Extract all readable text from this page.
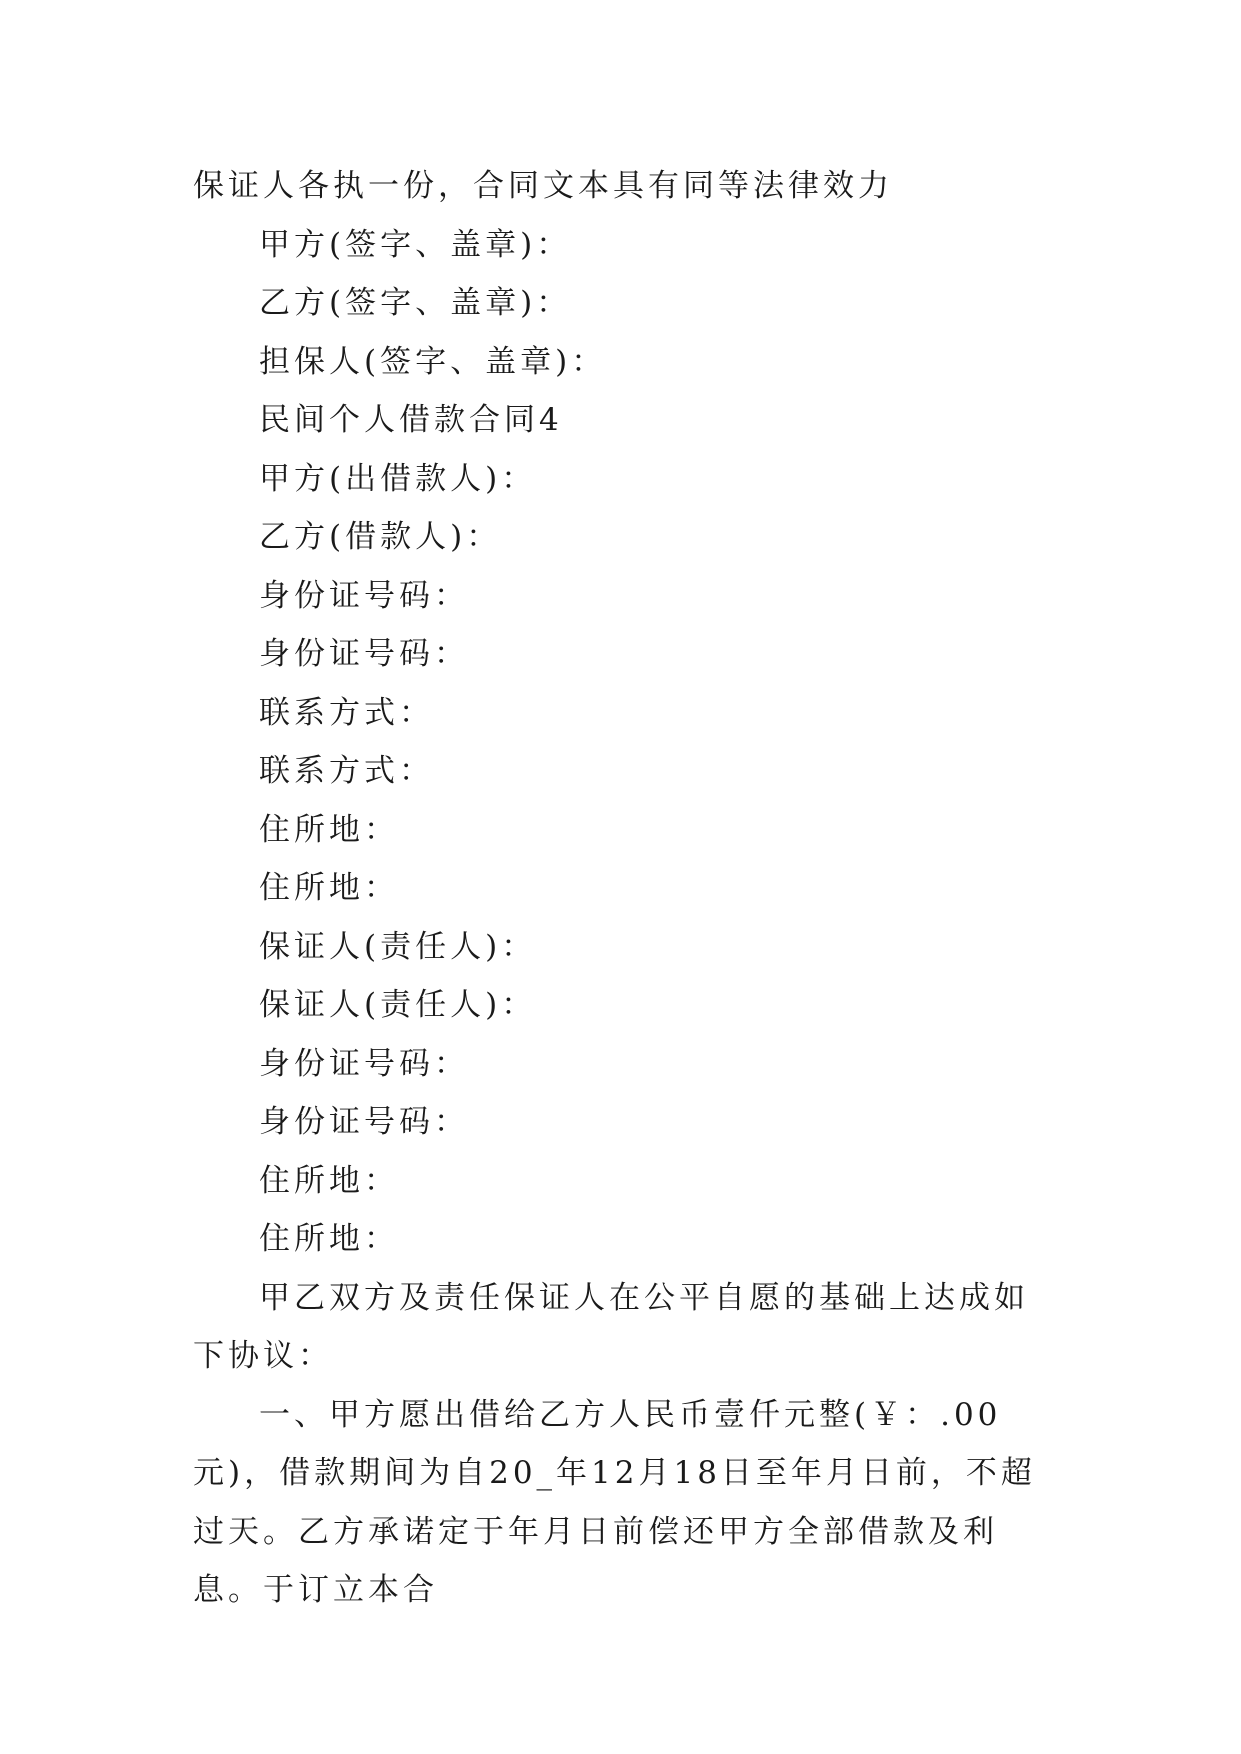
保证人各执一份，合同文本具有同等法律效力
甲方(签字、盖章)：
乙方(签字、盖章)：
担保人(签字、盖章)：
民间个人借款合同4
甲方(出借款人)：
乙方(借款人)：
身份证号码：
身份证号码：
联系方式：
联系方式：
住所地：
住所地：
保证人(责任人)：
保证人(责任人)：
身份证号码：
身份证号码：
住所地：
住所地：
甲乙双方及责任保证人在公平自愿的基础上达成如下协议：
一、甲方愿出借给乙方人民币壹仟元整(￥：.00元)，借款期间为自20_年12月18日至年月日前，不超过天。乙方承诺定于年月日前偿还甲方全部借款及利息。于订立本合
